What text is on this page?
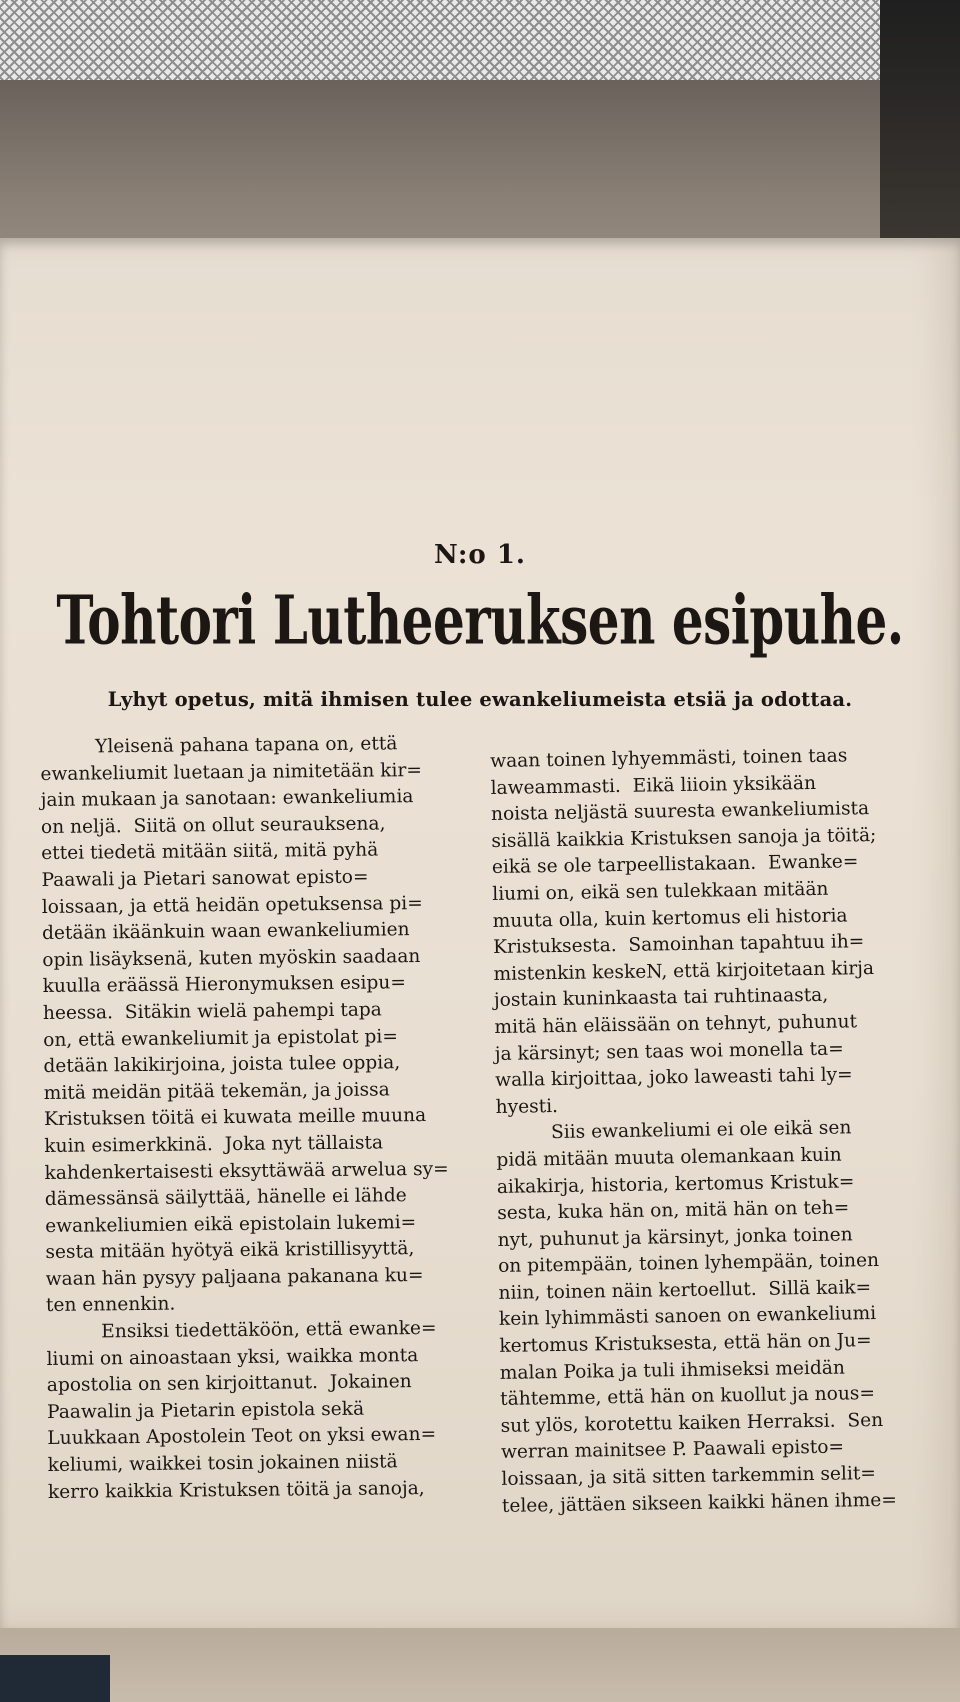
N:o 1.
Tohtori Lutheeruksen esipuhe.
Lyhyt opetus, mitä ihmisen tulee ewankeliumeista etsiä ja odottaa.
Yleisenä pahana tapana on, että
ewankeliumit luetaan ja nimitetään kir=
jain mukaan ja sanotaan: ewankeliumia
on neljä.  Siitä on ollut seurauksena,
ettei tiedetä mitään siitä, mitä pyhä
Paawali ja Pietari sanowat episto=
loissaan, ja että heidän opetuksensa pi=
detään ikäänkuin waan ewankeliumien
opin lisäyksenä, kuten myöskin saadaan
kuulla eräässä Hieronymuksen esipu=
heessa.  Sitäkin wielä pahempi tapa
on, että ewankeliumit ja epistolat pi=
detään lakikirjoina, joista tulee oppia,
mitä meidän pitää tekemän, ja joissa
Kristuksen töitä ei kuwata meille muuna
kuin esimerkkinä.  Joka nyt tällaista
kahdenkertaisesti eksyttäwää arwelua sy=
dämessänsä säilyttää, hänelle ei lähde
ewankeliumien eikä epistolain lukemi=
sesta mitään hyötyä eikä kristillisyyttä,
waan hän pysyy paljaana pakanana ku=
ten ennenkin.
Ensiksi tiedettäköön, että ewanke=
liumi on ainoastaan yksi, waikka monta
apostolia on sen kirjoittanut.  Jokainen
Paawalin ja Pietarin epistola sekä
Luukkaan Apostolein Teot on yksi ewan=
keliumi, waikkei tosin jokainen niistä
kerro kaikkia Kristuksen töitä ja sanoja,
waan toinen lyhyemmästi, toinen taas
laweammasti.  Eikä liioin yksikään
noista neljästä suuresta ewankeliumista
sisällä kaikkia Kristuksen sanoja ja töitä;
eikä se ole tarpeellistakaan.  Ewanke=
liumi on, eikä sen tulekkaan mitään
muuta olla, kuin kertomus eli historia
Kristuksesta.  Samoinhan tapahtuu ih=
mistenkin keskeN, että kirjoitetaan kirja
jostain kuninkaasta tai ruhtinaasta,
mitä hän eläissään on tehnyt, puhunut
ja kärsinyt; sen taas woi monella ta=
walla kirjoittaa, joko laweasti tahi ly=
hyesti.
Siis ewankeliumi ei ole eikä sen
pidä mitään muuta olemankaan kuin
aikakirja, historia, kertomus Kristuk=
sesta, kuka hän on, mitä hän on teh=
nyt, puhunut ja kärsinyt, jonka toinen
on pitempään, toinen lyhempään, toinen
niin, toinen näin kertoellut.  Sillä kaik=
kein lyhimmästi sanoen on ewankeliumi
kertomus Kristuksesta, että hän on Ju=
malan Poika ja tuli ihmiseksi meidän
tähtemme, että hän on kuollut ja nous=
sut ylös, korotettu kaiken Herraksi.  Sen
werran mainitsee P. Paawali episto=
loissaan, ja sitä sitten tarkemmin selit=
telee, jättäen sikseen kaikki hänen ihme=
